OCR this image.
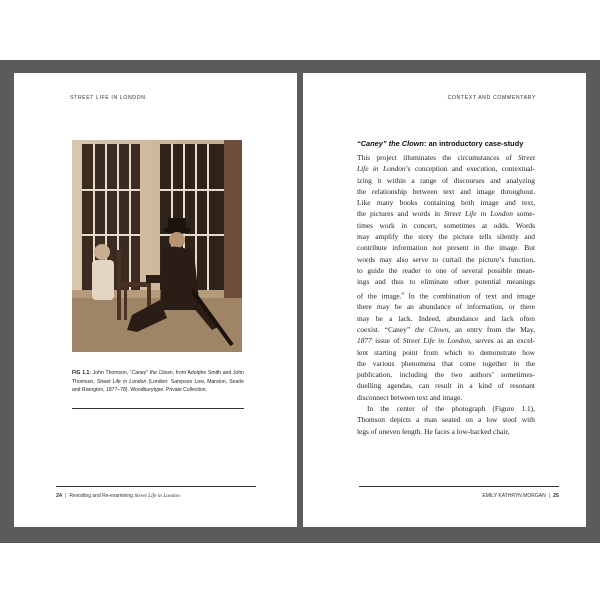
STREET LIFE IN LONDON
FIG 1.1: John Thomson, “Caney” the Clown, from Adolphe Smith and John Thomson, Street Life in London (London: Sampson Low, Marston, Searle and Rivington, 1877–78). Woodburytype. Private Collection.
24 | Revisiting and Re-examining Street Life in London
CONTEXT AND COMMENTARY
“Caney” the Clown: an introductory case-study

This project illuminates the circumstances of Street

Life in London’s conception and execution, contextual-

izing it within a range of discourses and analyzing

the relationship between text and image throughout.

Like many books containing both image and text,

the pictures and words in Street Life in London some-

times work in concert, sometimes at odds. Words

may amplify the story the picture tells silently and

contribute information not present in the image. But

words may also serve to curtail the picture’s function,

to guide the reader to one of several possible mean-

ings and thus to eliminate other potential meanings

of the image.$^8$ In the combination of text and image

there may be an abundance of information, or there

may be a lack. Indeed, abundance and lack often

coexist. “Caney” the Clown, an entry from the May,

1877 issue of Street Life in London, serves as an excel-

lent starting point from which to demonstrate how

the various phenomena that come together in the

publication, including the two authors’ sometimes-

duelling agendas, can result in a kind of resonant

disconnect between text and image.

In the center of the photograph (Figure 1.1),

Thomson depicts a man seated on a low stool with

legs of uneven length. He faces a low-backed chair,

EMILY KATHRYN MORGAN | 25
